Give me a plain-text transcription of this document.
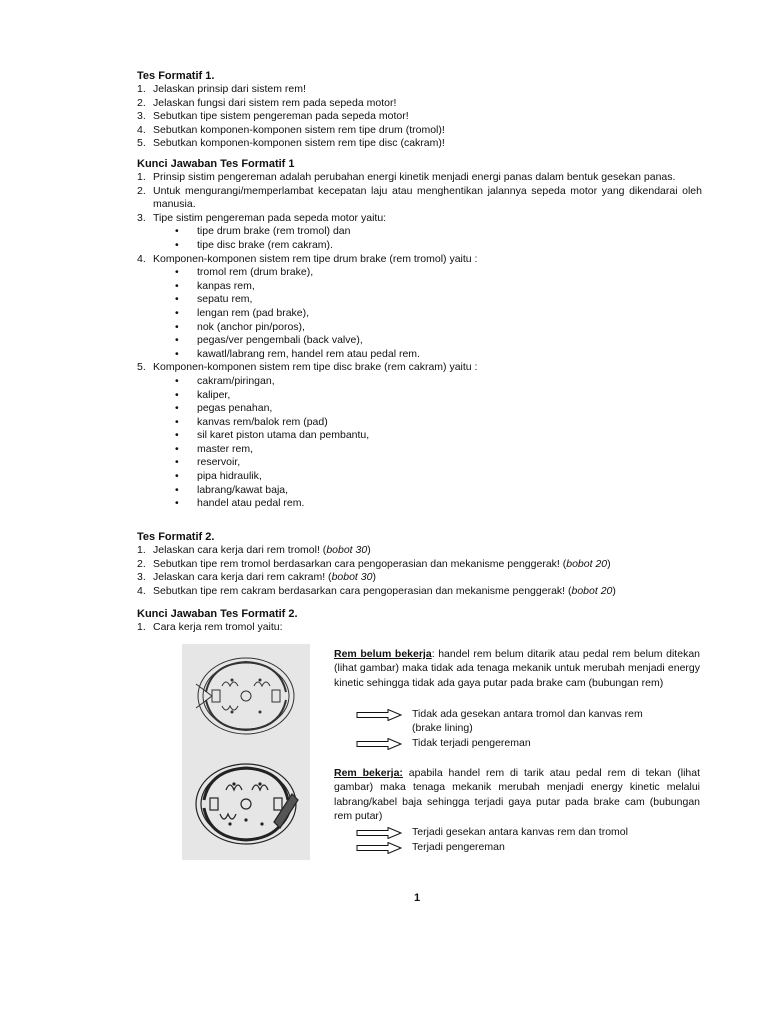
Tes Formatif 1.
1. Jelaskan prinsip dari sistem rem!
2. Jelaskan fungsi dari sistem rem pada sepeda motor!
3. Sebutkan tipe sistem pengereman pada sepeda motor!
4. Sebutkan komponen-komponen sistem rem tipe drum (tromol)!
5. Sebutkan komponen-komponen sistem rem tipe disc (cakram)!
Kunci Jawaban Tes Formatif 1
1. Prinsip sistim pengereman adalah perubahan energi kinetik menjadi energi panas dalam bentuk gesekan panas.
2. Untuk mengurangi/memperlambat kecepatan laju atau menghentikan jalannya sepeda motor yang dikendarai oleh manusia.
3. Tipe sistim pengereman pada sepeda motor yaitu:
•	tipe drum brake (rem tromol) dan
•	tipe disc brake (rem cakram).
4. Komponen-komponen sistem rem tipe drum brake (rem tromol) yaitu :
•	tromol rem (drum brake),
•	kanpas rem,
•	sepatu rem,
•	lengan rem (pad brake),
•	nok (anchor pin/poros),
•	pegas/ver pengembali (back valve),
•	kawatl/labrang rem, handel rem atau pedal rem.
5. Komponen-komponen sistem rem tipe disc brake (rem cakram) yaitu :
•	cakram/piringan,
•	kaliper,
•	pegas penahan,
•	kanvas rem/balok rem (pad)
•	sil karet piston utama dan pembantu,
•	master rem,
•	reservoir,
•	pipa hidraulik,
•	labrang/kawat baja,
•	handel atau pedal rem.
Tes Formatif 2.
1. Jelaskan cara kerja dari rem tromol! (bobot 30)
2. Sebutkan tipe rem tromol berdasarkan cara pengoperasian dan mekanisme penggerak! (bobot 20)
3. Jelaskan cara kerja dari rem cakram! (bobot 30)
4. Sebutkan tipe rem cakram berdasarkan cara pengoperasian dan mekanisme penggerak! (bobot 20)
Kunci Jawaban Tes Formatif 2.
1. Cara kerja rem tromol yaitu:
Rem belum bekerja: handel rem belum ditarik atau pedal rem belum ditekan (lihat gambar) maka tidak ada tenaga mekanik untuk merubah menjadi energy kinetic sehingga tidak ada gaya putar pada brake cam (bubungan rem)
Tidak ada gesekan antara tromol dan kanvas rem
(brake lining)
Tidak terjadi pengereman
Rem bekerja: apabila handel rem di tarik atau pedal rem di tekan (lihat gambar) maka tenaga mekanik merubah menjadi energy kinetic melalui labrang/kabel baja sehingga terjadi gaya putar pada brake cam (bubungan rem putar)
Terjadi gesekan antara kanvas rem dan tromol
Terjadi pengereman
1
